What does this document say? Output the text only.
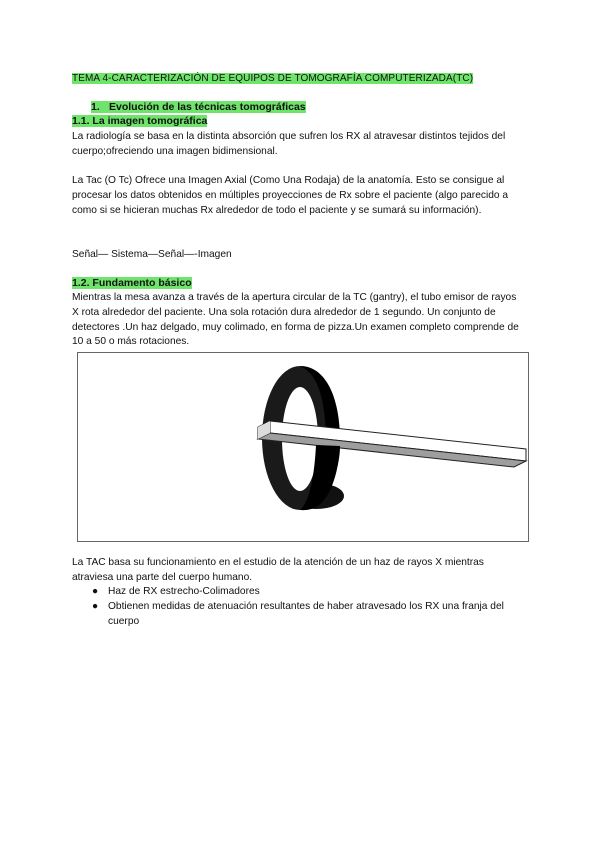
TEMA 4-CARACTERIZACIÓN DE EQUIPOS DE TOMOGRAFÍA COMPUTERIZADA(TC)
1. Evolución de las técnicas tomográficas
1.1. La imagen tomográfica

La radiología se basa en la distinta absorción que sufren los RX al atravesar distintos tejidos del cuerpo;ofreciendo una imagen bidimensional.

La Tac (O Tc) Ofrece una Imagen Axial (Como Una Rodaja) de la anatomía. Esto se consigue al procesar los datos obtenidos en múltiples proyecciones de Rx sobre el paciente (algo parecido a como si se hicieran muchas Rx alrededor de todo el paciente y se sumará su información).

Señal— Sistema—Señal—-Imagen

1.2. Fundamento básico

Mientras la mesa avanza a través de la apertura circular de la TC (gantry), el tubo emisor de rayos X rota alrededor del paciente. Una sola rotación dura alrededor de 1 segundo. Un conjunto de detectores .Un haz delgado, muy colimado, en forma de pizza.Un examen completo comprende de 10 a 50 o más rotaciones.

La TAC basa su funcionamiento en el estudio de la atención de un haz de rayos X mientras atraviesa una parte del cuerpo humano.

● Haz de RX estrecho-Colimadores
● Obtienen medidas de atenuación resultantes de haber atravesado los RX una franja del cuerpo
